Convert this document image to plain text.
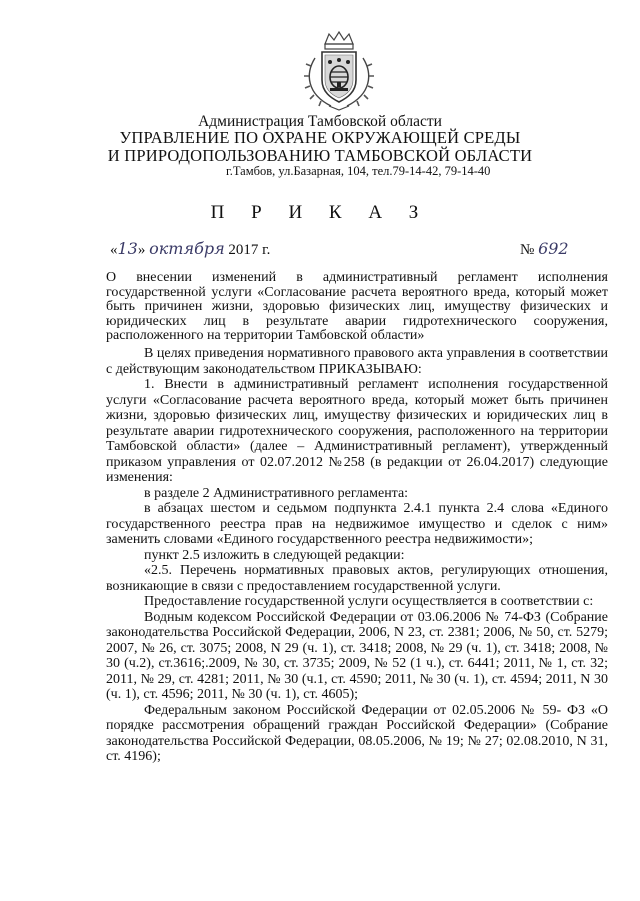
Администрация Тамбовской области
УПРАВЛЕНИЕ ПО ОХРАНЕ ОКРУЖАЮЩЕЙ СРЕДЫ
И ПРИРОДОПОЛЬЗОВАНИЮ ТАМБОВСКОЙ ОБЛАСТИ
г.Тамбов, ул.Базарная, 104, тел.79-14-42, 79-14-40
П Р И К А З
«13» октября 2017 г.	№ 692
О внесении изменений в административный регламент исполнения государственной услуги «Согласование расчета вероятного вреда, который может быть причинен жизни, здоровью физических лиц, имуществу физических и юридических лиц в результате аварии гидротехнического сооружения, расположенного на территории Тамбовской области»

В целях приведения нормативного правового акта управления в соответствии с действующим законодательством ПРИКАЗЫВАЮ:

1. Внести в административный регламент исполнения государственной услуги «Согласование расчета вероятного вреда, который может быть причинен жизни, здоровью физических лиц, имуществу физических и юридических лиц в результате аварии гидротехнического сооружения, расположенного на территории Тамбовской области» (далее – Административный регламент), утвержденный приказом управления от 02.07.2012 №258 (в редакции от 26.04.2017) следующие изменения:

в разделе 2 Административного регламента:

в абзацах шестом и седьмом подпункта 2.4.1 пункта 2.4 слова «Единого государственного реестра прав на недвижимое имущество и сделок с ним» заменить словами «Единого государственного реестра недвижимости»;

пункт 2.5 изложить в следующей редакции:

«2.5. Перечень нормативных правовых актов, регулирующих отношения, возникающие в связи с предоставлением государственной услуги.

Предоставление государственной услуги осуществляется в соответствии с:

Водным кодексом Российской Федерации от 03.06.2006 № 74-ФЗ (Собрание законодательства Российской Федерации, 2006, N 23, ст. 2381; 2006, № 50, ст. 5279; 2007, № 26, ст. 3075; 2008, N 29 (ч. 1), ст. 3418; 2008, № 29 (ч. 1), ст. 3418; 2008, № 30 (ч.2), ст.3616;.2009, № 30, ст. 3735; 2009, № 52 (1 ч.), ст. 6441; 2011, № 1, ст. 32; 2011, № 29, ст. 4281; 2011, № 30 (ч.1, ст. 4590; 2011, № 30 (ч. 1), ст. 4594; 2011, N 30 (ч. 1), ст. 4596; 2011, № 30 (ч. 1), ст. 4605);

Федеральным законом Российской Федерации от 02.05.2006 № 59- ФЗ «О порядке рассмотрения обращений граждан Российской Федерации» (Собрание законодательства Российской Федерации, 08.05.2006, № 19; № 27; 02.08.2010, N 31, ст. 4196);
